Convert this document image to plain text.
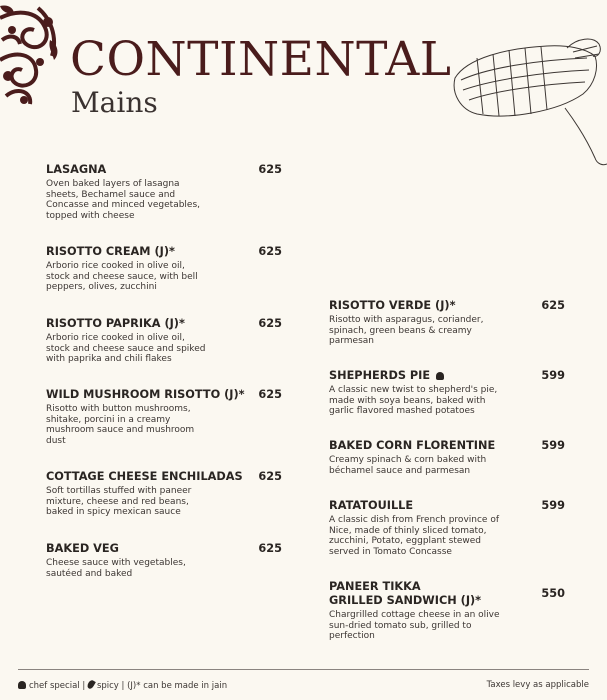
CONTINENTAL
Mains
LASAGNA	625
Oven baked layers of lasagna sheets, Bechamel sauce and Concasse and minced vegetables, topped with cheese
RISOTTO CREAM (J)*	625
Arborio rice cooked in olive oil, stock and cheese sauce, with bell peppers, olives, zucchini
RISOTTO PAPRIKA (J)*	625
Arborio rice cooked in olive oil, stock and cheese sauce and spiked with paprika and chili flakes
WILD MUSHROOM RISOTTO (J)*	625
Risotto with button mushrooms, shitake, porcini in a creamy mushroom sauce and mushroom dust
COTTAGE CHEESE ENCHILADAS	625
Soft tortillas stuffed with paneer mixture, cheese and red beans, baked in spicy mexican sauce
BAKED VEG	625
Cheese sauce with vegetables, sautéed and baked
RISOTTO VERDE (J)*	625
Risotto with asparagus, coriander, spinach, green beans & creamy parmesan
SHEPHERDS PIE	599
A classic new twist to shepherd's pie, made with soya beans, baked with garlic flavored mashed potatoes
BAKED CORN FLORENTINE	599
Creamy spinach & corn baked with béchamel sauce and parmesan
RATATOUILLE	599
A classic dish from French province of Nice, made of thinly sliced tomato, zucchini, Potato, eggplant stewed served in Tomato Concasse
PANEER TIKKA
GRILLED SANDWICH (J)*
550
Chargrilled cottage cheese in an olive sun-dried tomato sub, grilled to perfection
chef special | spicy | (J)* can be made in jain	Taxes levy as applicable
